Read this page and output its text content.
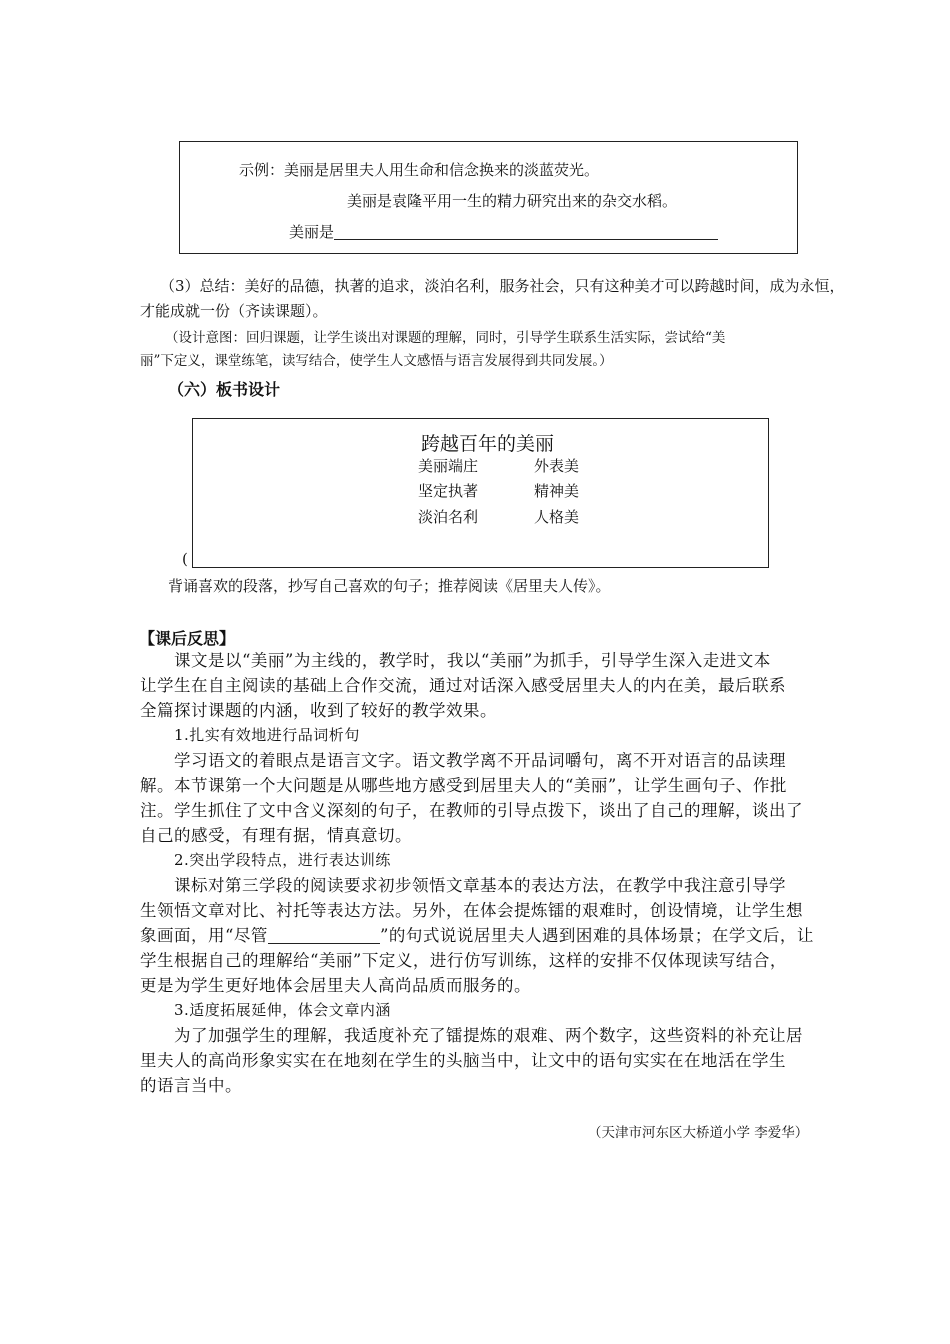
示例：美丽是居里夫人用生命和信念换来的淡蓝荧光。
美丽是袁隆平用一生的精力研究出来的杂交水稻。
美丽是
（3）总结：美好的品德，执著的追求，淡泊名利，服务社会，只有这种美才可以跨越时间，成为永恒，
才能成就一份（齐读课题）。
（设计意图：回归课题，让学生谈出对课题的理解，同时，引导学生联系生活实际，尝试给“美
丽”下定义，课堂练笔，读写结合，使学生人文感悟与语言发展得到共同发展。）
（六）板书设计
跨越百年的美丽
美丽端庄	外表美
坚定执著	精神美
淡泊名利	人格美
(
背诵喜欢的段落，抄写自己喜欢的句子；推荐阅读《居里夫人传》。
【课后反思】
课文是以“美丽”为主线的，教学时，我以“美丽”为抓手，引导学生深入走进文本
让学生在自主阅读的基础上合作交流，通过对话深入感受居里夫人的内在美，最后联系
全篇探讨课题的内涵，收到了较好的教学效果。
1.扎实有效地进行品词析句
学习语文的着眼点是语言文字。语文教学离不开品词嚼句，离不开对语言的品读理
解。本节课第一个大问题是从哪些地方感受到居里夫人的“美丽”，让学生画句子、作批
注。学生抓住了文中含义深刻的句子，在教师的引导点拨下，谈出了自己的理解，谈出了
自己的感受，有理有据，情真意切。
2.突出学段特点，进行表达训练
课标对第三学段的阅读要求初步领悟文章基本的表达方法，在教学中我注意引导学
生领悟文章对比、衬托等表达方法。另外，在体会提炼镭的艰难时，创设情境，让学生想
象画面，用“尽管	”的句式说说居里夫人遇到困难的具体场景；在学文后，让
学生根据自己的理解给“美丽”下定义，进行仿写训练，这样的安排不仅体现读写结合，
更是为学生更好地体会居里夫人高尚品质而服务的。
3.适度拓展延伸，体会文章内涵
为了加强学生的理解，我适度补充了镭提炼的艰难、两个数字，这些资料的补充让居
里夫人的高尚形象实实在在地刻在学生的头脑当中，让文中的语句实实在在地活在学生
的语言当中。
（天津市河东区大桥道小学 李爱华）
